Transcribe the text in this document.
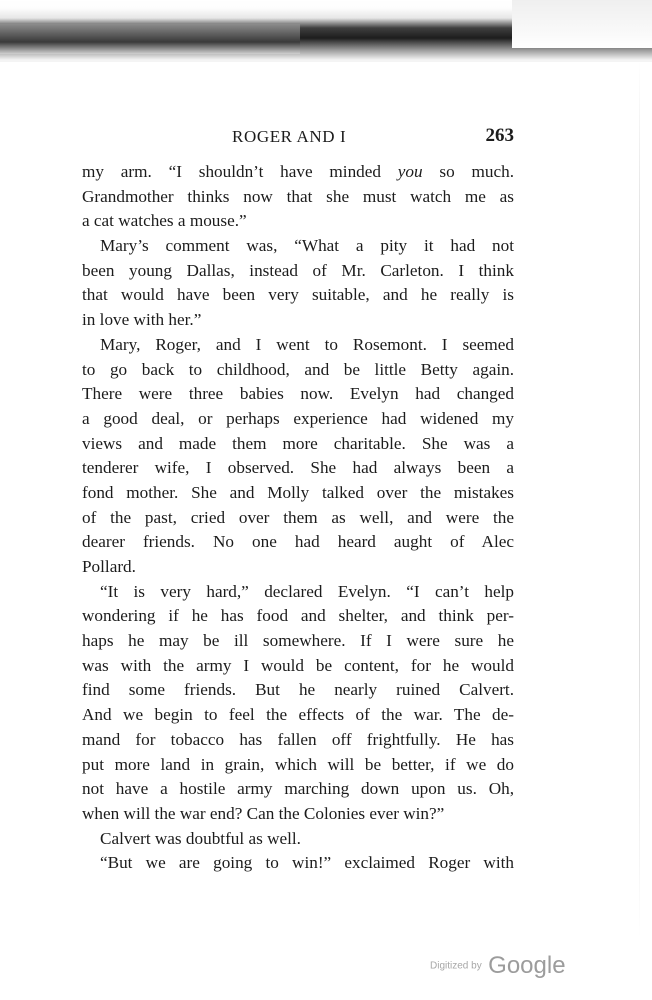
ROGER AND I	263
my arm. “I shouldn’t have minded you so much.
Grandmother thinks now that she must watch me as
a cat watches a mouse.”
Mary’s comment was, “What a pity it had not
been young Dallas, instead of Mr. Carleton. I think
that would have been very suitable, and he really is
in love with her.”
Mary, Roger, and I went to Rosemont. I seemed
to go back to childhood, and be little Betty again.
There were three babies now. Evelyn had changed
a good deal, or perhaps experience had widened my
views and made them more charitable. She was a
tenderer wife, I observed. She had always been a
fond mother. She and Molly talked over the mistakes
of the past, cried over them as well, and were the
dearer friends. No one had heard aught of Alec
Pollard.
“It is very hard,” declared Evelyn. “I can’t help
wondering if he has food and shelter, and think per-
haps he may be ill somewhere. If I were sure he
was with the army I would be content, for he would
find some friends. But he nearly ruined Calvert.
And we begin to feel the effects of the war. The de-
mand for tobacco has fallen off frightfully. He has
put more land in grain, which will be better, if we do
not have a hostile army marching down upon us. Oh,
when will the war end? Can the Colonies ever win?”
Calvert was doubtful as well.
“But we are going to win!” exclaimed Roger with
Digitized by Google
